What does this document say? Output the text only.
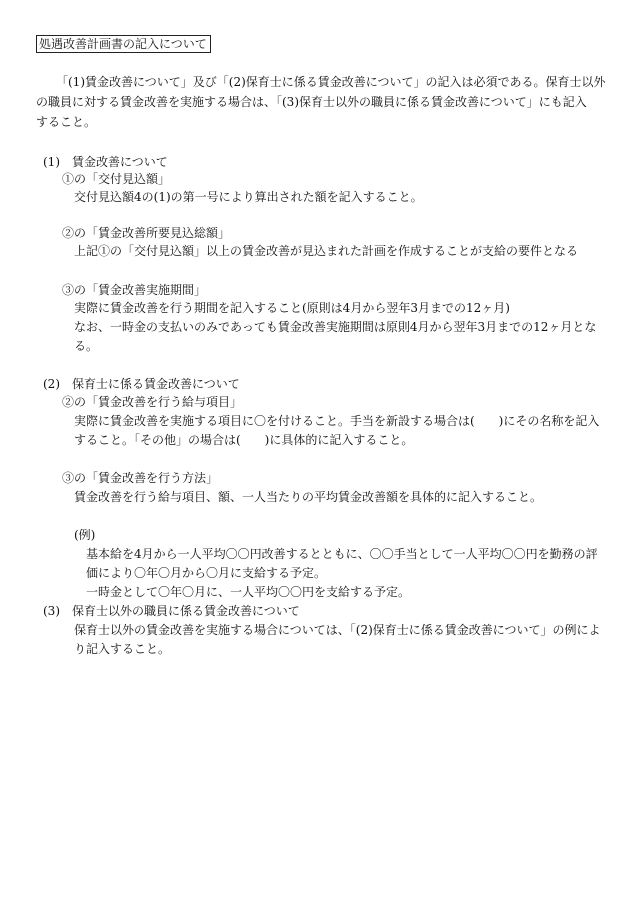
処遇改善計画書の記入について
「(1)賃金改善について」及び「(2)保育士に係る賃金改善について」の記入は必須である。保育士以外
の職員に対する賃金改善を実施する場合は、「(3)保育士以外の職員に係る賃金改善について」にも記入
すること。
(1)　賃金改善について
①の「交付見込額」
交付見込額4の(1)の第一号により算出された額を記入すること。
②の「賃金改善所要見込総額」
上記①の「交付見込額」以上の賃金改善が見込まれた計画を作成することが支給の要件となる
③の「賃金改善実施期間」
実際に賃金改善を行う期間を記入すること(原則は4月から翌年3月までの12ヶ月)
なお、一時金の支払いのみであっても賃金改善実施期間は原則4月から翌年3月までの12ヶ月とな
る。
(2)　保育士に係る賃金改善について
②の「賃金改善を行う給与項目」
実際に賃金改善を実施する項目に〇を付けること。手当を新設する場合は(　　)にその名称を記入
すること。「その他」の場合は(　　)に具体的に記入すること。
③の「賃金改善を行う方法」
賃金改善を行う給与項目、額、一人当たりの平均賃金改善額を具体的に記入すること。
(例)
基本給を4月から一人平均〇〇円改善するとともに、〇〇手当として一人平均〇〇円を勤務の評
価により〇年〇月から〇月に支給する予定。
一時金として〇年〇月に、一人平均〇〇円を支給する予定。
(3)　保育士以外の職員に係る賃金改善について
保育士以外の賃金改善を実施する場合については、「(2)保育士に係る賃金改善について」の例によ
り記入すること。
